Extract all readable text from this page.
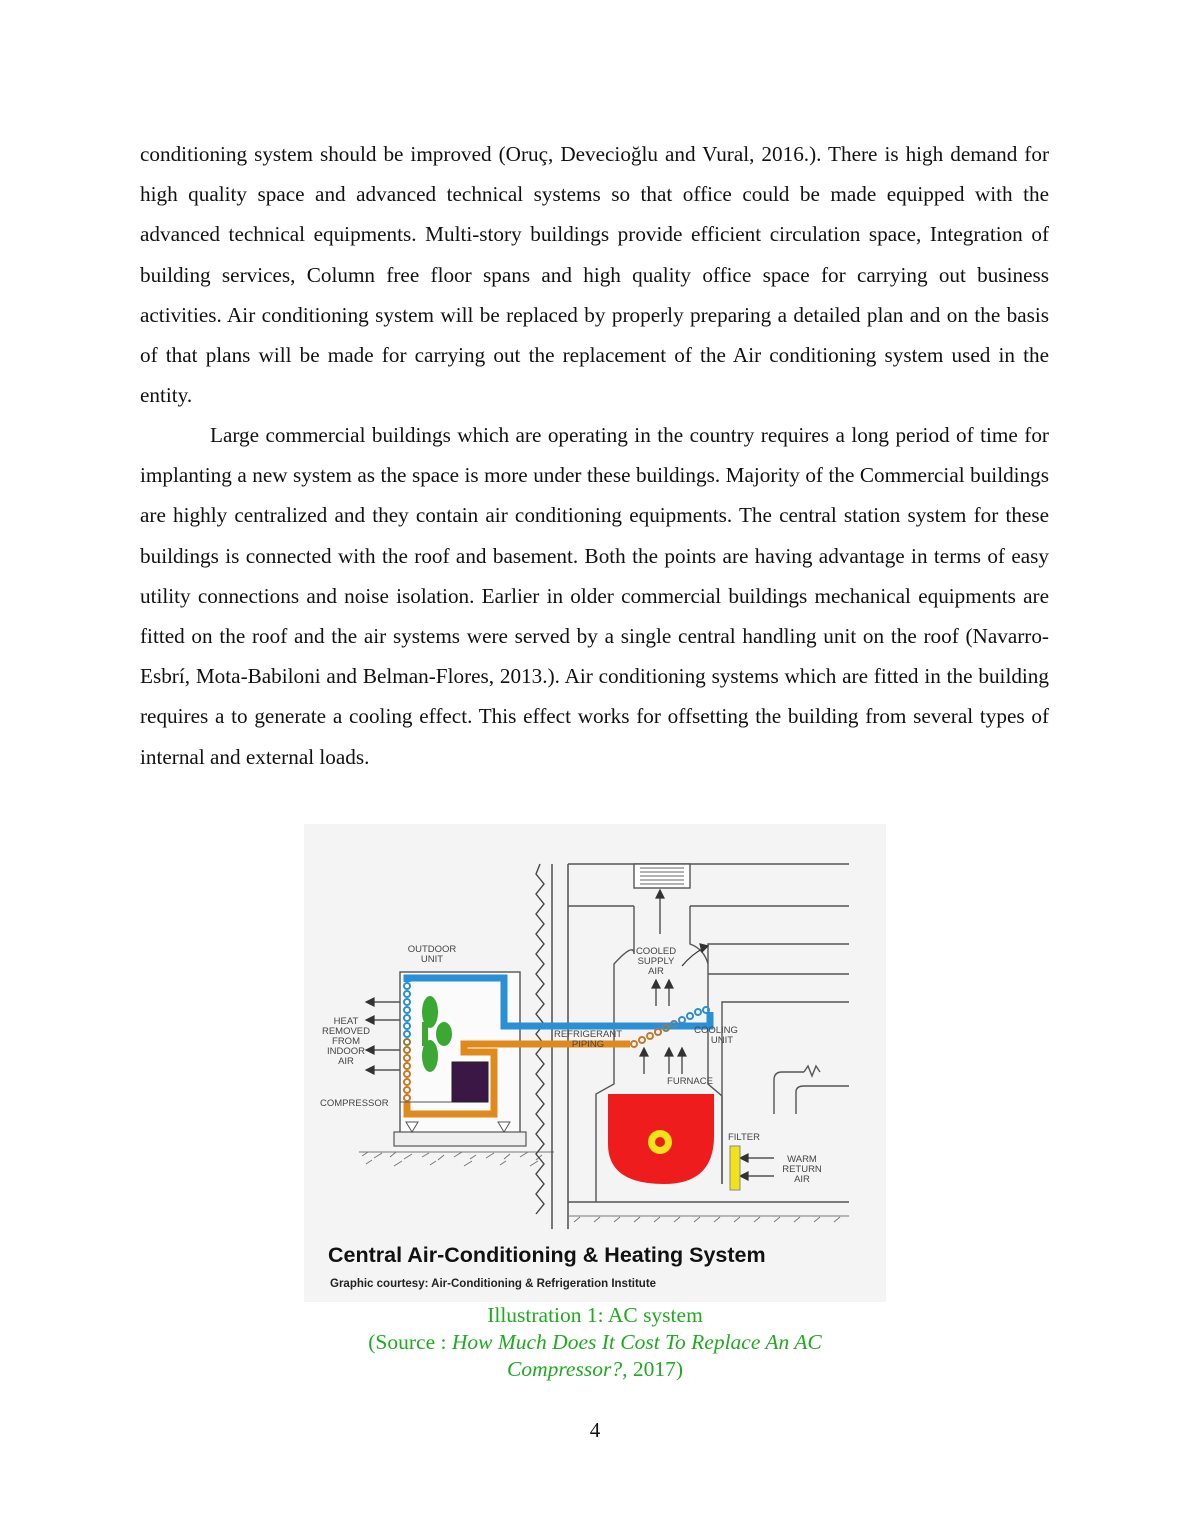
conditioning system should be improved (Oruç, Devecioğlu and Vural, 2016.). There is high demand for high quality space and advanced technical systems so that office could be made equipped with the advanced technical equipments. Multi-story buildings provide efficient circulation space, Integration of building services, Column free floor spans and high quality office space for carrying out business activities. Air conditioning system will be replaced by properly preparing a detailed plan and on the basis of that plans will be made for carrying out the replacement of the Air conditioning system used in the entity.

Large commercial buildings which are operating in the country requires a long period of time for implanting a new system as the space is more under these buildings. Majority of the Commercial buildings are highly centralized and they contain air conditioning equipments. The central station system for these buildings is connected with the roof and basement. Both the points are having advantage in terms of easy utility connections and noise isolation. Earlier in older commercial buildings mechanical equipments are fitted on the roof and the air systems were served by a single central handling unit on the roof (Navarro-Esbrí, Mota-Babiloni and Belman-Flores, 2013.). Air conditioning systems which are fitted in the building requires a to generate a cooling effect. This effect works for offsetting the building from several types of internal and external loads.

OUTDOOR
UNIT
HEAT
REMOVED
FROM
INDOOR
AIR
COMPRESSOR
REFRIGERANT
PIPING
COOLED
SUPPLY
AIR
COOLING
UNIT
FURNACE
FILTER
WARM
RETURN
AIR
Central Air-Conditioning & Heating System
Graphic courtesy: Air-Conditioning & Refrigeration Institute
Illustration 1: AC system
(Source : How Much Does It Cost To Replace An AC
Compressor?, 2017)
4
